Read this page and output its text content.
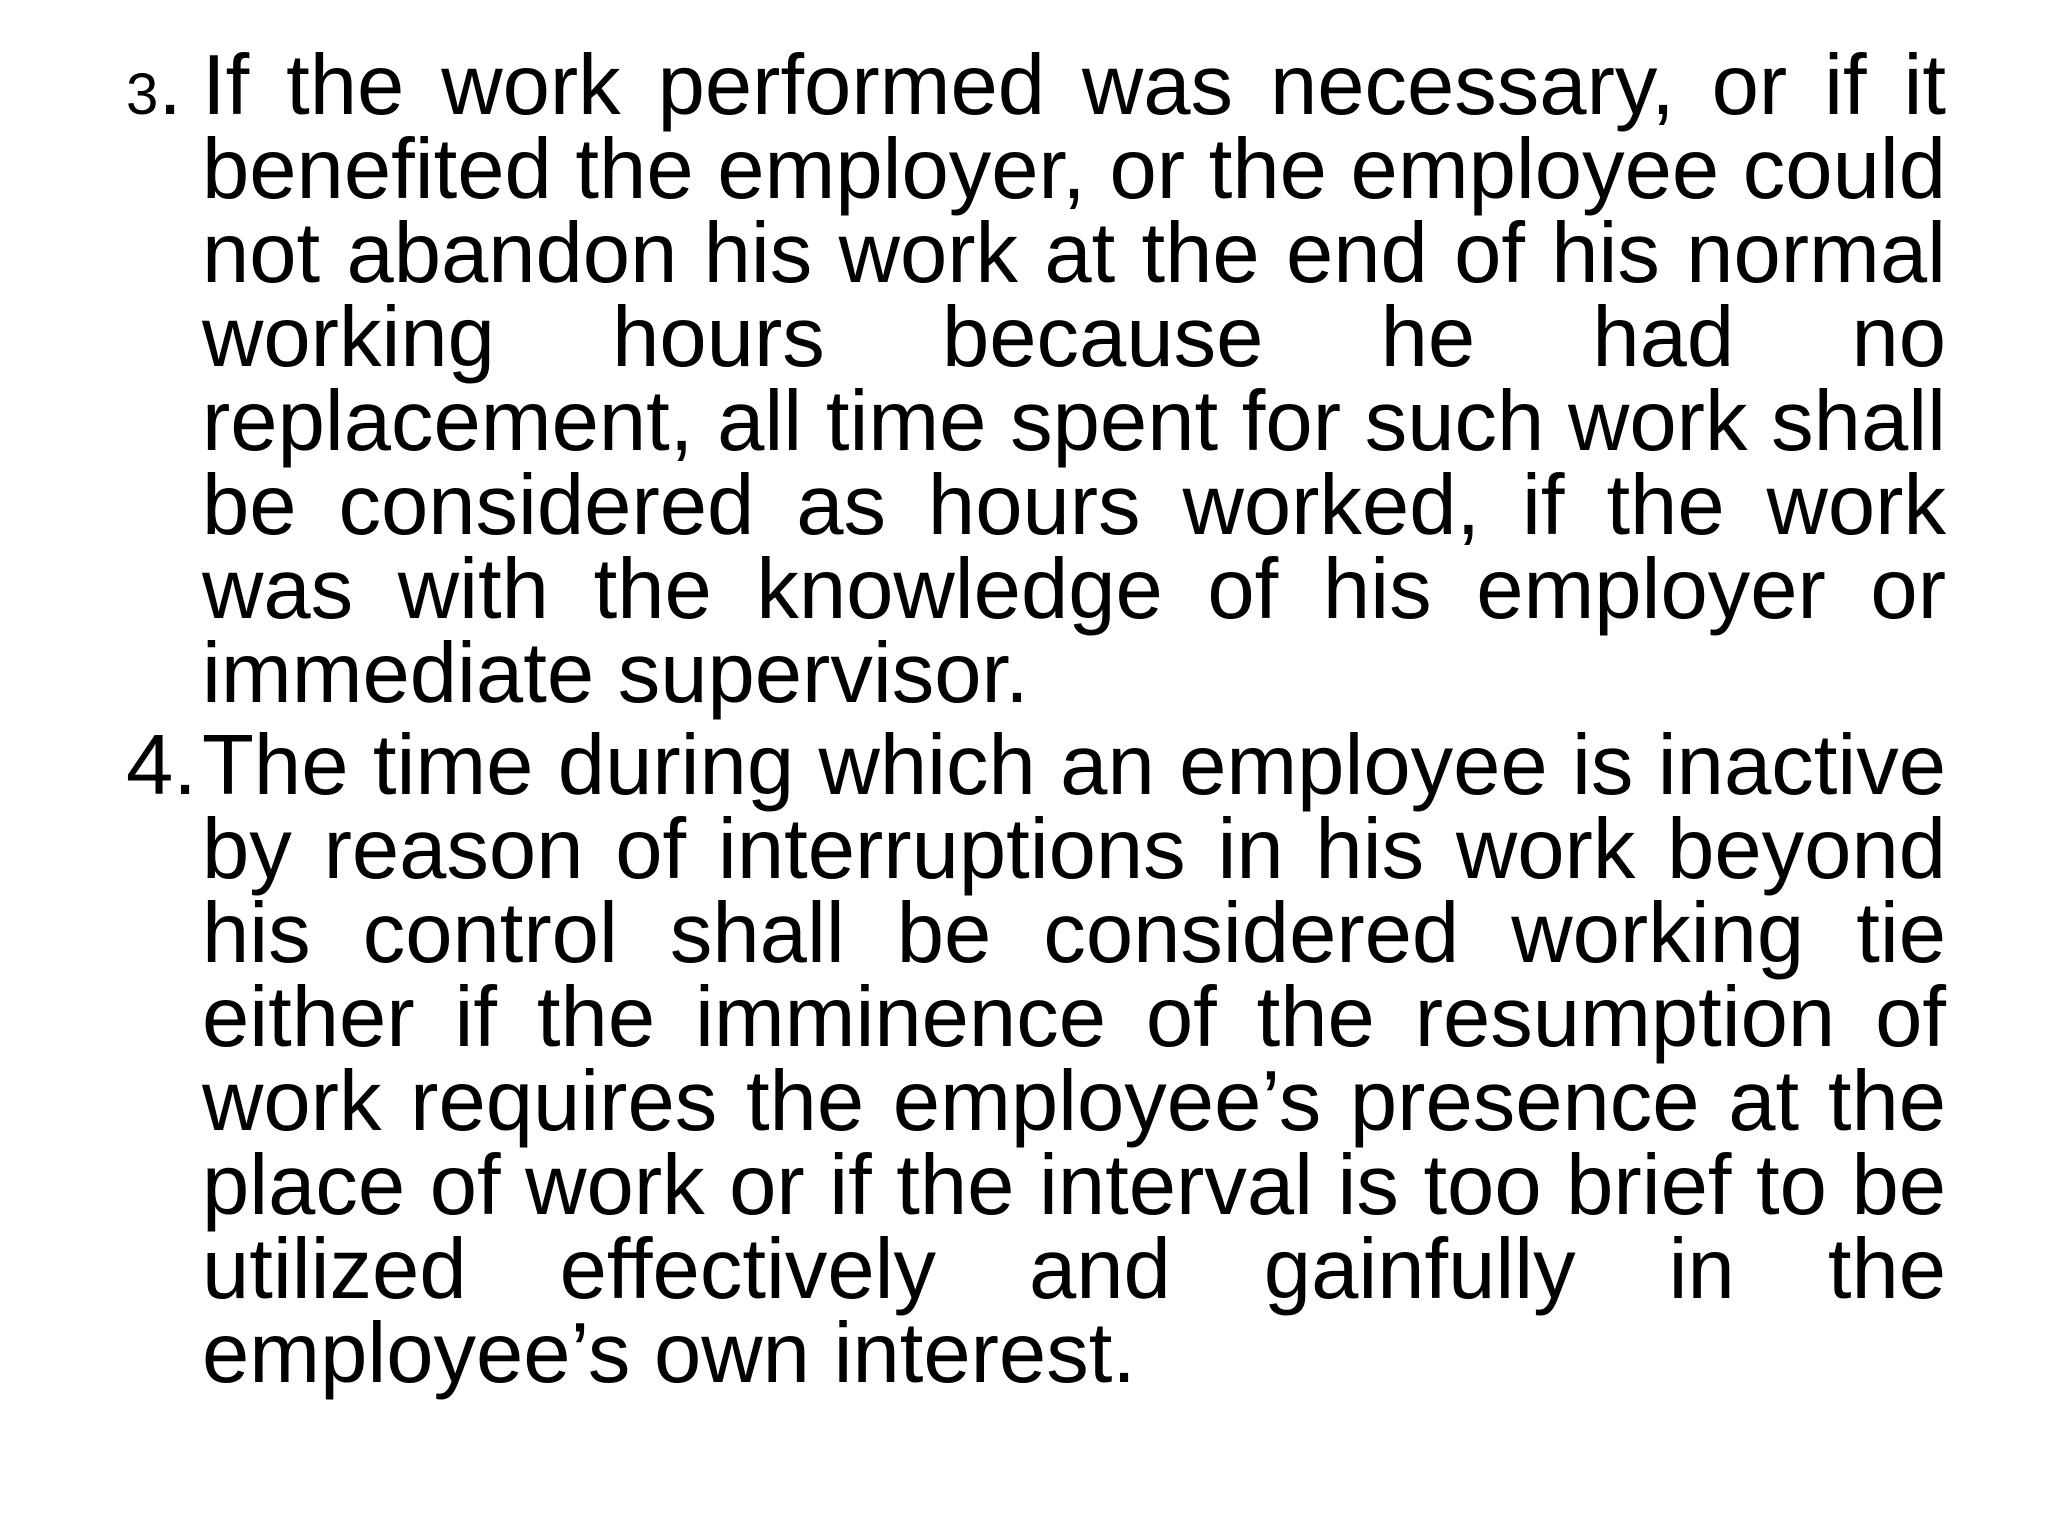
3. If the work performed was necessary, or if it benefited the employer, or the employee could not abandon his work at the end of his normal working hours because he had no replacement, all time spent for such work shall be considered as hours worked, if the work was with the knowledge of his employer or immediate supervisor.
4. The time during which an employee is inactive by reason of interruptions in his work beyond his control shall be considered working tie either if the imminence of the resumption of work requires the employee’s presence at the place of work or if the interval is too brief to be utilized effectively and gainfully in the employee’s own interest.
